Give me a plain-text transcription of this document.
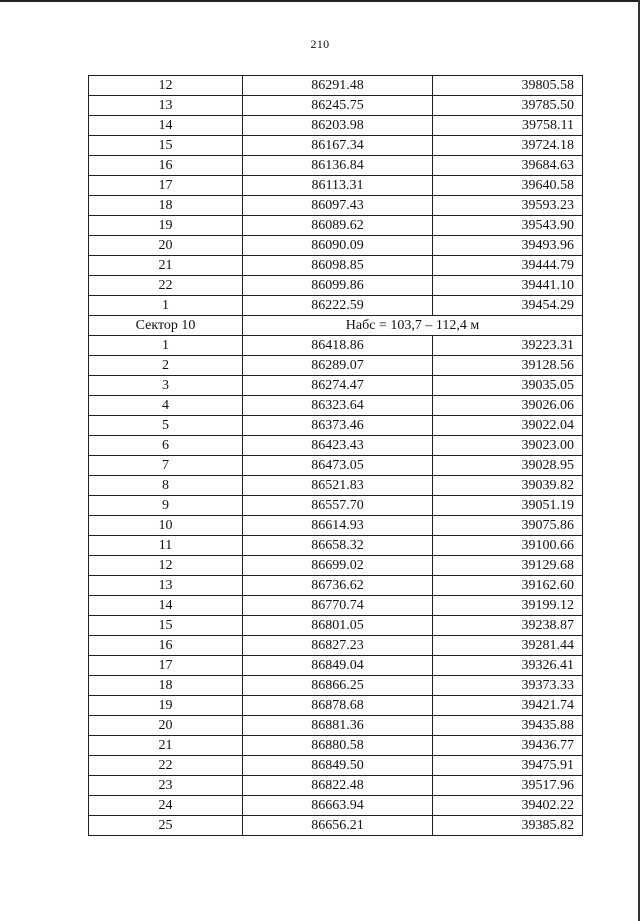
210
12	86291.48	39805.58
13	86245.75	39785.50
14	86203.98	39758.11
15	86167.34	39724.18
16	86136.84	39684.63
17	86113.31	39640.58
18	86097.43	39593.23
19	86089.62	39543.90
20	86090.09	39493.96
21	86098.85	39444.79
22	86099.86	39441.10
1	86222.59	39454.29
Сектор 10	Набс = 103,7 – 112,4 м	
1	86418.86	39223.31
2	86289.07	39128.56
3	86274.47	39035.05
4	86323.64	39026.06
5	86373.46	39022.04
6	86423.43	39023.00
7	86473.05	39028.95
8	86521.83	39039.82
9	86557.70	39051.19
10	86614.93	39075.86
11	86658.32	39100.66
12	86699.02	39129.68
13	86736.62	39162.60
14	86770.74	39199.12
15	86801.05	39238.87
16	86827.23	39281.44
17	86849.04	39326.41
18	86866.25	39373.33
19	86878.68	39421.74
20	86881.36	39435.88
21	86880.58	39436.77
22	86849.50	39475.91
23	86822.48	39517.96
24	86663.94	39402.22
25	86656.21	39385.82
